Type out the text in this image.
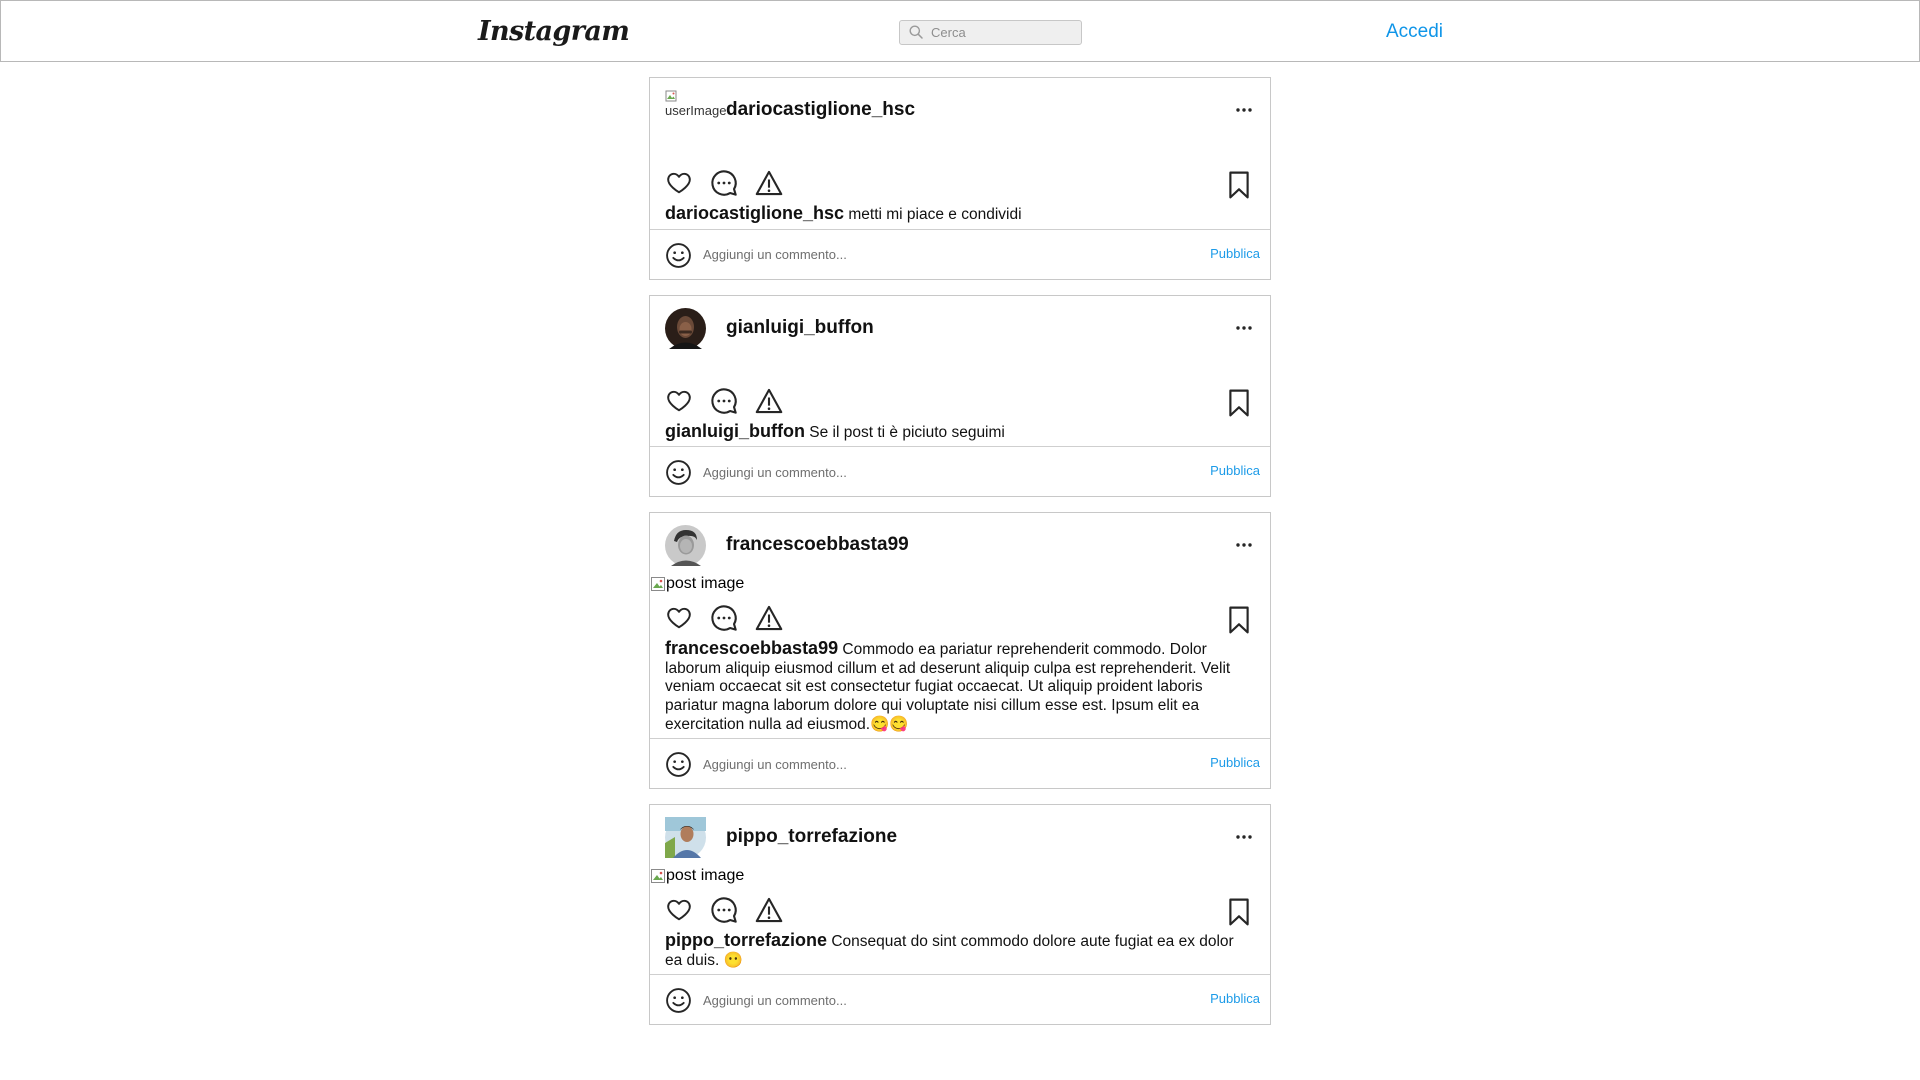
Instagram
Cerca	Accedi
userImage dariocastiglione_hsc
dariocastiglione_hsc metti mi piace e condividi
Aggiungi un commento...
Pubblica
gianluigi_buffon
gianluigi_buffon Se il post ti è piciuto seguimi
Aggiungi un commento...
Pubblica
francescoebbasta99
post image
francescoebbasta99 Commodo ea pariatur reprehenderit commodo. Dolor laborum aliquip eiusmod cillum et ad deserunt aliquip culpa est reprehenderit. Velit veniam occaecat sit est consectetur fugiat occaecat. Ut aliquip proident laboris pariatur magna laborum dolore qui voluptate nisi cillum esse est. Ipsum elit ea exercitation nulla ad eiusmod.😋😋
Aggiungi un commento...
Pubblica
pippo_torrefazione
post image
pippo_torrefazione Consequat do sint commodo dolore aute fugiat ea ex dolor ea duis. 😶
Aggiungi un commento...
Pubblica
